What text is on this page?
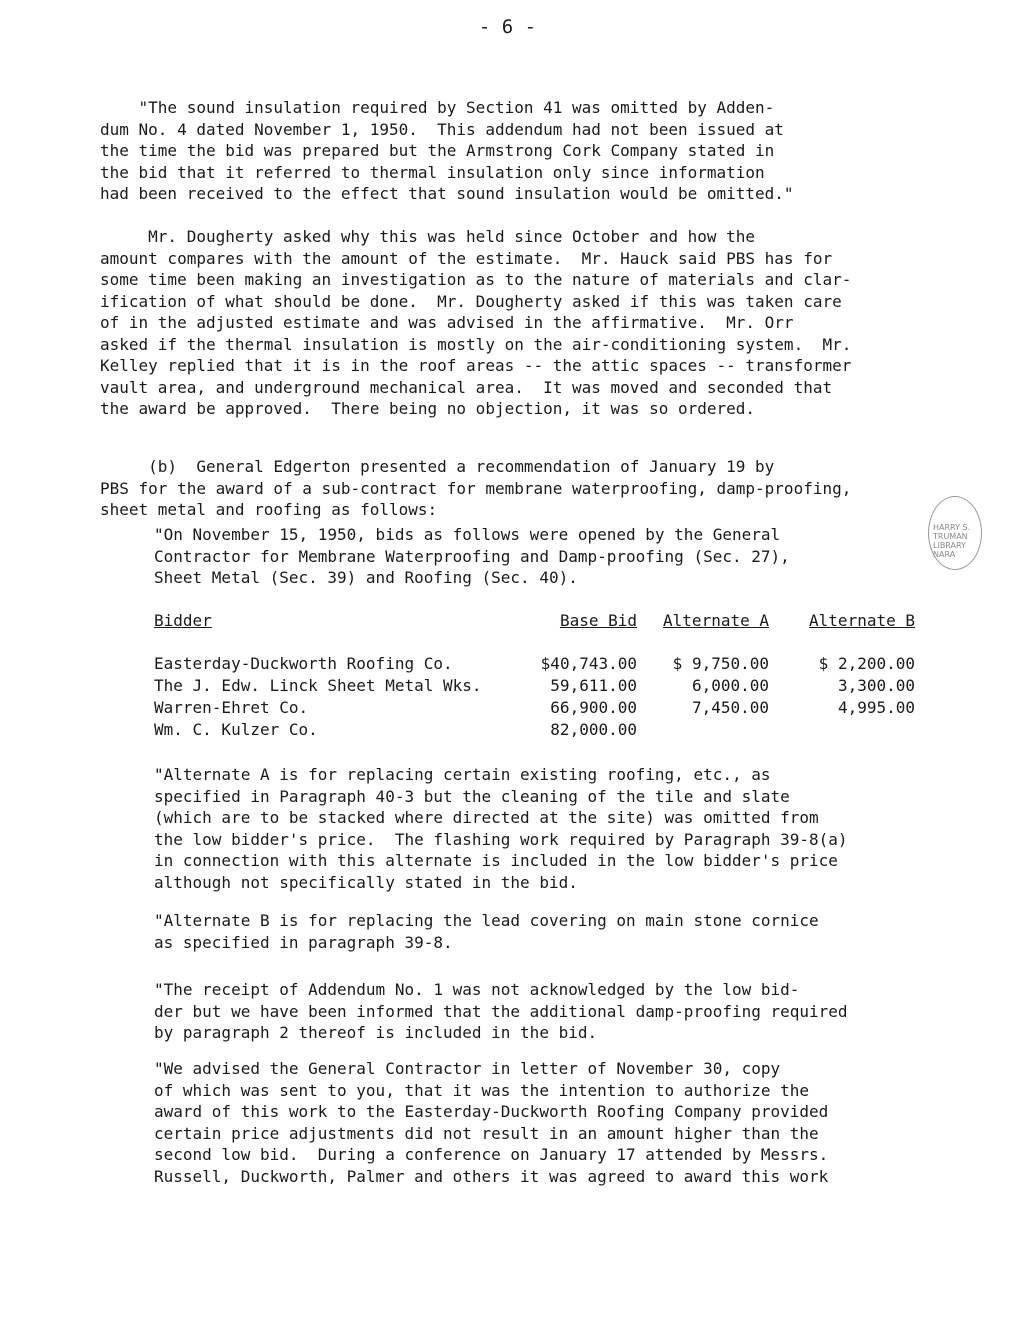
- 6 -
"The sound insulation required by Section 41 was omitted by Adden-
dum No. 4 dated November 1, 1950.  This addendum had not been issued at
the time the bid was prepared but the Armstrong Cork Company stated in
the bid that it referred to thermal insulation only since information
had been received to the effect that sound insulation would be omitted."
Mr. Dougherty asked why this was held since October and how the
amount compares with the amount of the estimate.  Mr. Hauck said PBS has for
some time been making an investigation as to the nature of materials and clar-
ification of what should be done.  Mr. Dougherty asked if this was taken care
of in the adjusted estimate and was advised in the affirmative.  Mr. Orr
asked if the thermal insulation is mostly on the air-conditioning system.  Mr.
Kelley replied that it is in the roof areas -- the attic spaces -- transformer
vault area, and underground mechanical area.  It was moved and seconded that
the award be approved.  There being no objection, it was so ordered.
(b)  General Edgerton presented a recommendation of January 19 by
PBS for the award of a sub-contract for membrane waterproofing, damp-proofing,
sheet metal and roofing as follows:
"On November 15, 1950, bids as follows were opened by the General
Contractor for Membrane Waterproofing and Damp-proofing (Sec. 27),
Sheet Metal (Sec. 39) and Roofing (Sec. 40).
HARRY S. TRUMAN LIBRARY NARA
Bidder	Base Bid	Alternate A	Alternate B
Easterday-Duckworth Roofing Co.	$40,743.00	$ 9,750.00	$ 2,200.00
The J. Edw. Linck Sheet Metal Wks.	59,611.00	6,000.00	3,300.00
Warren-Ehret Co.	66,900.00	7,450.00	4,995.00
Wm. C. Kulzer Co.	82,000.00
"Alternate A is for replacing certain existing roofing, etc., as
specified in Paragraph 40-3 but the cleaning of the tile and slate
(which are to be stacked where directed at the site) was omitted from
the low bidder's price.  The flashing work required by Paragraph 39-8(a)
in connection with this alternate is included in the low bidder's price
although not specifically stated in the bid.
"Alternate B is for replacing the lead covering on main stone cornice
as specified in paragraph 39-8.
"The receipt of Addendum No. 1 was not acknowledged by the low bid-
der but we have been informed that the additional damp-proofing required
by paragraph 2 thereof is included in the bid.
"We advised the General Contractor in letter of November 30, copy
of which was sent to you, that it was the intention to authorize the
award of this work to the Easterday-Duckworth Roofing Company provided
certain price adjustments did not result in an amount higher than the
second low bid.  During a conference on January 17 attended by Messrs.
Russell, Duckworth, Palmer and others it was agreed to award this work
